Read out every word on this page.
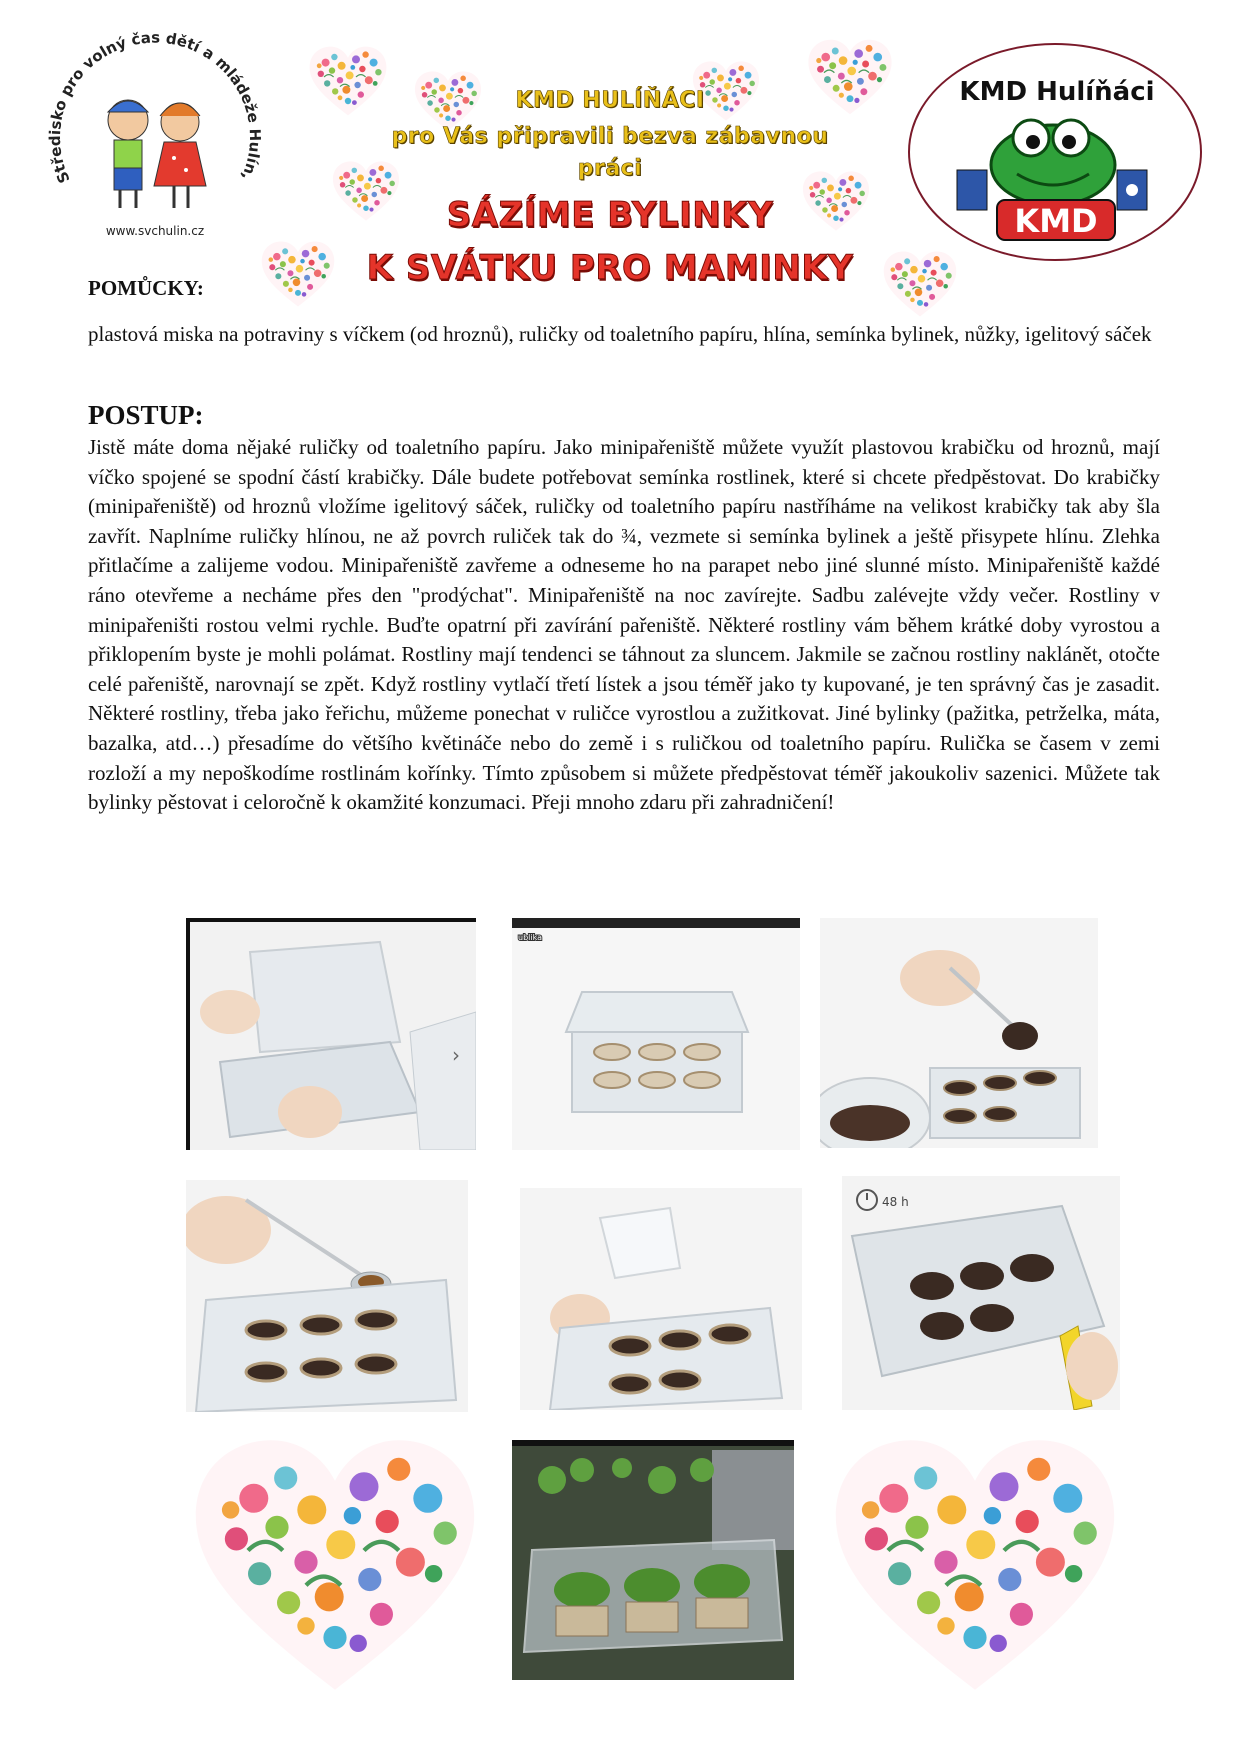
Středisko pro volný čas dětí a mládeže Hulín,
www.svchulin.cz
KMD HULÍŇÁCI
pro Vás připravili bezva zábavnou
práci
SÁZÍME BYLINKY
K SVÁTKU PRO MAMINKY
KMD Hulíňáci
KMD
POMŮCKY:

plastová miska na potraviny s víčkem (od hroznů), ruličky od toaletního papíru, hlína, semínka bylinek, nůžky, igelitový sáček

POSTUP:

Jistě máte doma nějaké ruličky od toaletního papíru. Jako minipařeniště můžete využít plastovou krabičku od hroznů, mají víčko spojené se spodní částí krabičky. Dále budete potřebovat semínka rostlinek, které si chcete předpěstovat. Do krabičky (minipařeniště) od hroznů vložíme igelitový sáček, ruličky od toaletního papíru nastříháme na velikost krabičky tak aby šla zavřít. Naplníme ruličky hlínou, ne až povrch ruliček tak do ¾, vezmete si semínka bylinek a ještě přisypete hlínu. Zlehka přitlačíme a zalijeme vodou. Minipařeniště zavřeme a odneseme ho na parapet nebo jiné slunné místo. Minipařeniště každé ráno otevřeme a necháme přes den "prodýchat". Minipařeniště na noc zavírejte. Sadbu zalévejte vždy večer. Rostliny v minipařeništi rostou velmi rychle. Buďte opatrní při zavírání pařeniště. Některé rostliny vám během krátké doby vyrostou a přiklopením byste je mohli polámat. Rostliny mají tendenci se táhnout za sluncem. Jakmile se začnou rostliny naklánět, otočte celé pařeniště, narovnají se zpět. Když rostliny vytlačí třetí lístek a jsou téměř jako ty kupované, je ten správný čas je zasadit. Některé rostliny, třeba jako řeřichu, můžeme ponechat v ruličce vyrostlou a zužitkovat. Jiné bylinky (pažitka, petrželka, máta, bazalka, atd…) přesadíme do většího květináče nebo do země i s ruličkou od toaletního papíru. Rulička se časem v zemi rozloží a my nepoškodíme rostlinám kořínky. Tímto způsobem si můžete předpěstovat téměř jakoukoliv sazenici. Můžete tak bylinky pěstovat i celoročně k okamžité konzumaci. Přeji mnoho zdaru při zahradničení!

›
ublika
48 h
